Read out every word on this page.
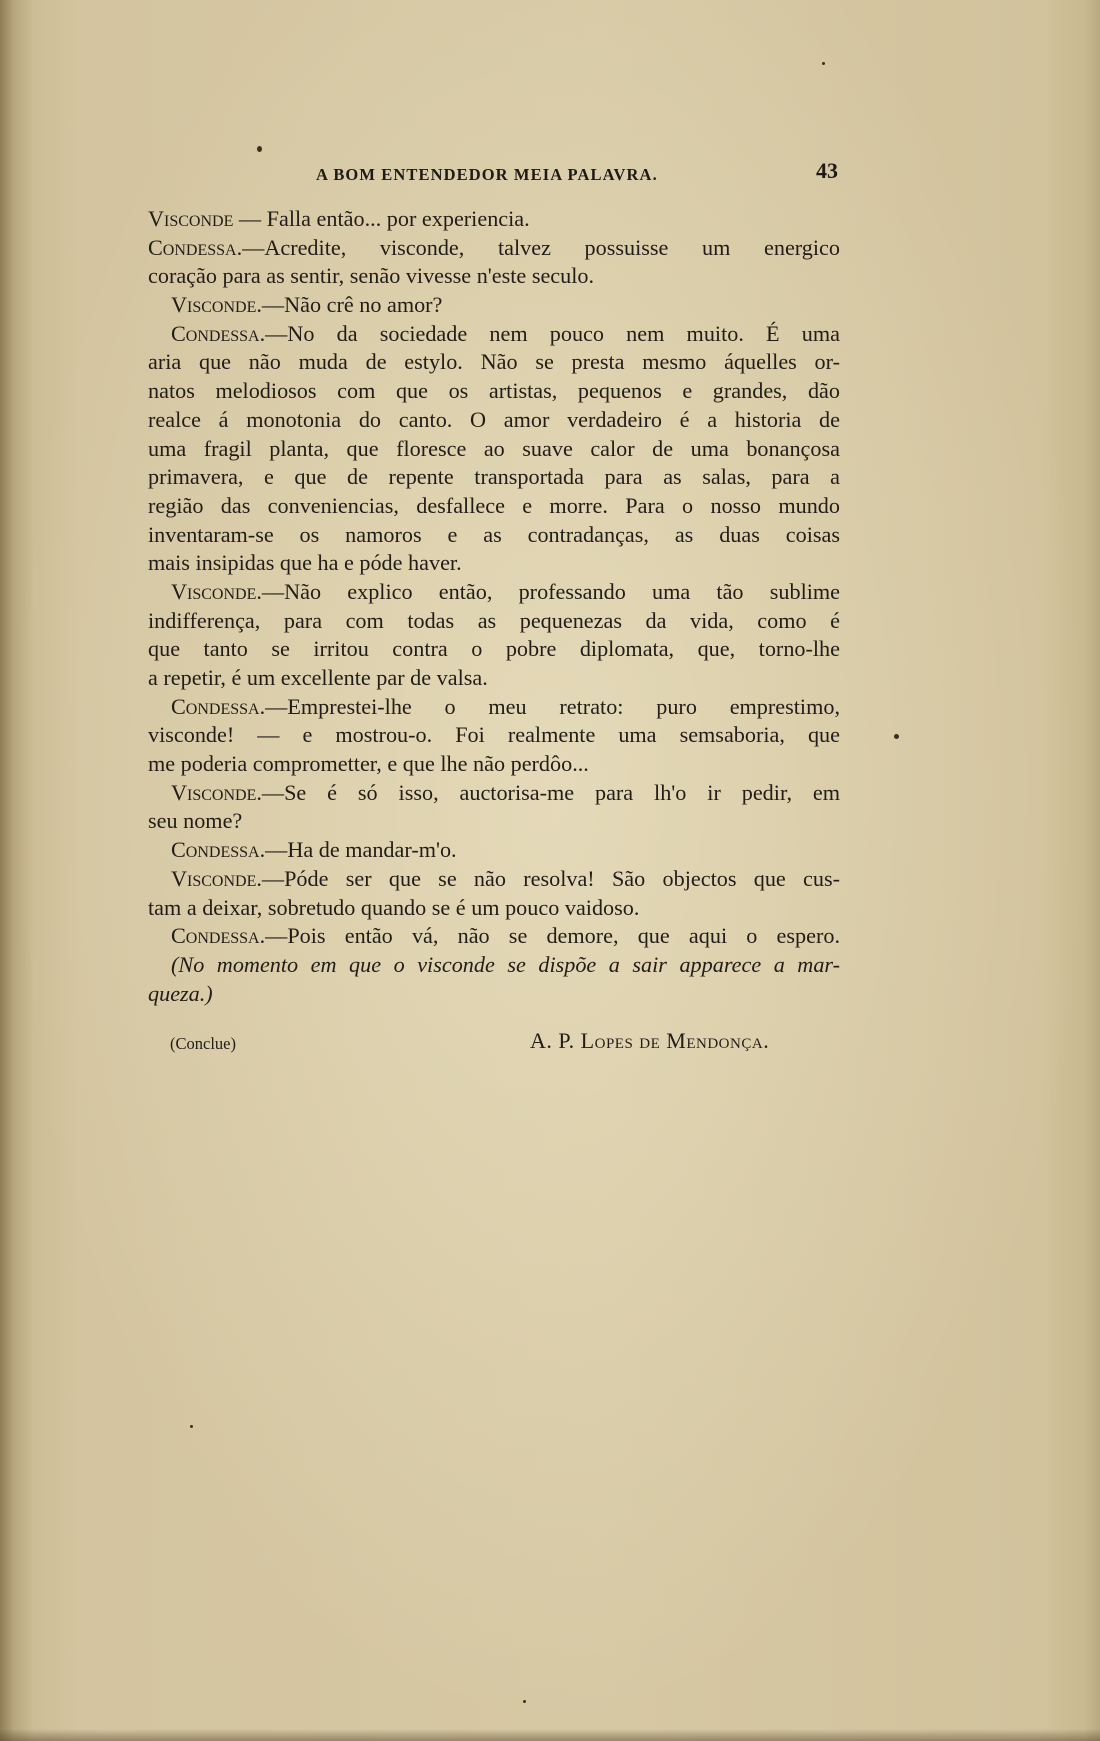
A BOM ENTENDEDOR MEIA PALAVRA.	43
Visconde — Falla então... por experiencia.
Condessa.—Acredite, visconde, talvez possuisse um energico
coração para as sentir, senão vivesse n'este seculo.
Visconde.—Não crê no amor?
Condessa.—No da sociedade nem pouco nem muito. É uma
aria que não muda de estylo. Não se presta mesmo áquelles or-
natos melodiosos com que os artistas, pequenos e grandes, dão
realce á monotonia do canto. O amor verdadeiro é a historia de
uma fragil planta, que floresce ao suave calor de uma bonançosa
primavera, e que de repente transportada para as salas, para a
região das conveniencias, desfallece e morre. Para o nosso mundo
inventaram-se os namoros e as contradanças, as duas coisas
mais insipidas que ha e póde haver.
Visconde.—Não explico então, professando uma tão sublime
indifferença, para com todas as pequenezas da vida, como é
que tanto se irritou contra o pobre diplomata, que, torno-lhe
a repetir, é um excellente par de valsa.
Condessa.—Emprestei-lhe o meu retrato: puro emprestimo,
visconde! — e mostrou-o. Foi realmente uma semsaboria, que
me poderia comprometter, e que lhe não perdôo...
Visconde.—Se é só isso, auctorisa-me para lh'o ir pedir, em
seu nome?
Condessa.—Ha de mandar-m'o.
Visconde.—Póde ser que se não resolva! São objectos que cus-
tam a deixar, sobretudo quando se é um pouco vaidoso.
Condessa.—Pois então vá, não se demore, que aqui o espero.
(No momento em que o visconde se dispõe a sair apparece a mar-
queza.)
(Conclue)	A. P. Lopes de Mendonça.
